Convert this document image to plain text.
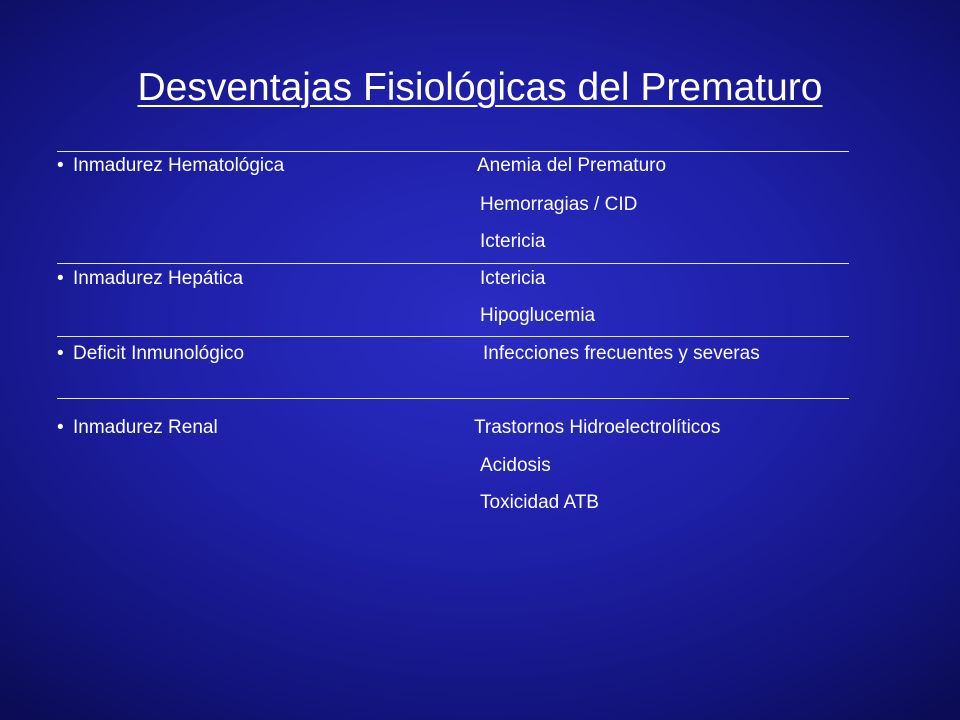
Desventajas Fisiológicas del Prematuro
• Inmadurez Hematológica	Anemia del Prematuro
Hemorragias / CID
Ictericia
• Inmadurez Hepática	Ictericia
Hipoglucemia
• Deficit Inmunológico	Infecciones frecuentes y severas
• Inmadurez Renal	Trastornos Hidroelectrolíticos
Acidosis
Toxicidad ATB
